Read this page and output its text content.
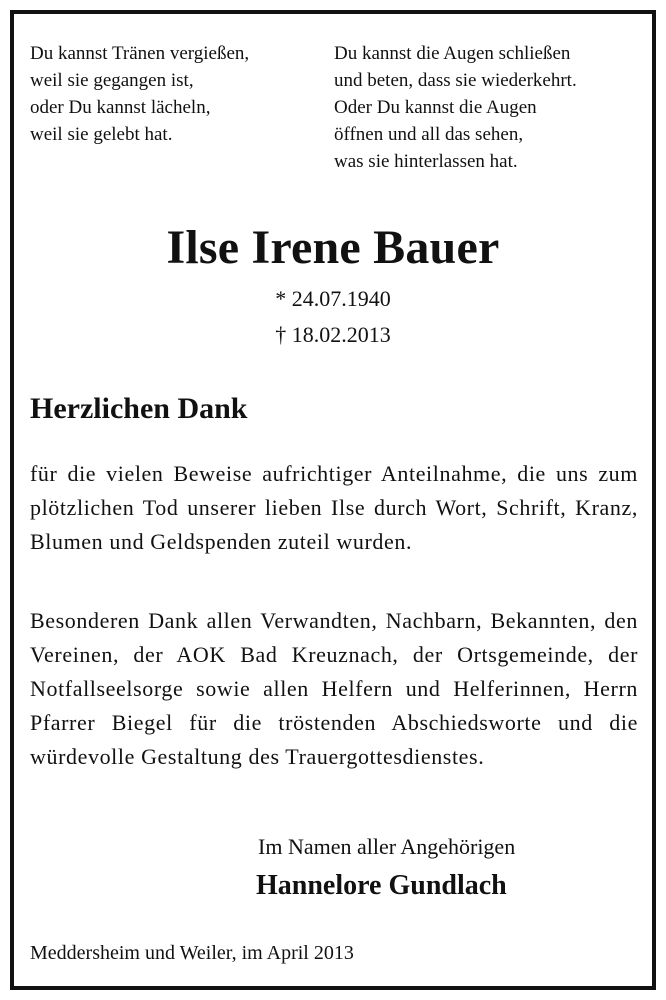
Du kannst Tränen vergießen,
weil sie gegangen ist,
oder Du kannst lächeln,
weil sie gelebt hat.
Du kannst die Augen schließen
und beten, dass sie wiederkehrt.
Oder Du kannst die Augen
öffnen und all das sehen,
was sie hinterlassen hat.
Ilse Irene Bauer
* 24.07.1940
† 18.02.2013
Herzlichen Dank
für die vielen Beweise aufrichtiger Anteilnahme, die uns zum plötzlichen Tod unserer lieben Ilse durch Wort, Schrift, Kranz, Blumen und Geldspenden zuteil wurden.
Besonderen Dank allen Verwandten, Nachbarn, Bekannten, den Vereinen, der AOK Bad Kreuznach, der Ortsgemeinde, der Notfallseelsorge sowie allen Helfern und Helferinnen, Herrn Pfarrer Biegel für die tröstenden Abschiedsworte und die würdevolle Gestaltung des Trauergottesdienstes.
Im Namen aller Angehörigen
Hannelore Gundlach
Meddersheim und Weiler, im April 2013
